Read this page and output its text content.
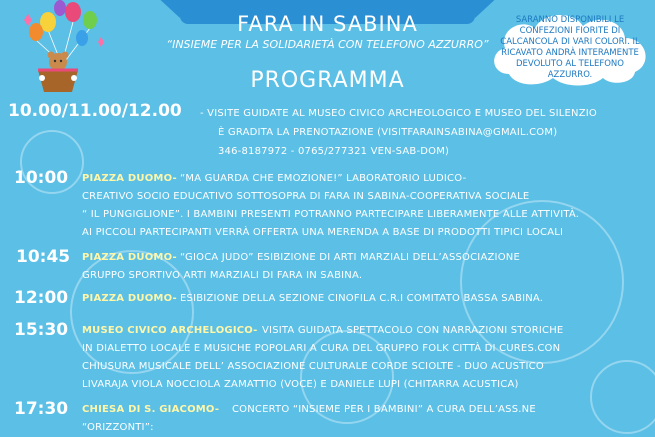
FARA IN SABINA
“INSIEME PER LA SOLIDARIETÀ CON TELEFONO AZZURRO”
PROGRAMMA
SARANNO DISPONIBILI LE CONFEZIONI FIORITE DI CALCANCOLA DI VARI COLORI. IL RICAVATO ANDRÀ INTERAMENTE DEVOLUTO AL TELEFONO AZZURRO.
10.00/11.00/12.00 - VISITE GUIDATE AL MUSEO CIVICO ARCHEOLOGICO E MUSEO DEL SILENZIO
È GRADITA LA PRENOTAZIONE (VISITFARAINSABINA@GMAIL.COM)
346-8187972 - 0765/277321 VEN-SAB-DOM)
10:00 PIAZZA DUOMO- “MA GUARDA CHE EMOZIONE!” LABORATORIO LUDICO-
CREATIVO SOCIO EDUCATIVO SOTTOSOPRA DI FARA IN SABINA-COOPERATIVA SOCIALE
“ IL PUNGIGLIONE”. I BAMBINI PRESENTI POTRANNO PARTECIPARE LIBERAMENTE ALLE ATTIVITÀ.
AI PICCOLI PARTECIPANTI VERRÀ OFFERTA UNA MERENDA A BASE DI PRODOTTI TIPICI LOCALI
10:45 PIAZZA DUOMO- “GIOCA JUDO” ESIBIZIONE DI ARTI MARZIALI DELL’ASSOCIAZIONE
GRUPPO SPORTIVO ARTI MARZIALI DI FARA IN SABINA.
12:00 PIAZZA DUOMO- ESIBIZIONE DELLA SEZIONE CINOFILA C.R.I COMITATO BASSA SABINA.
15:30 MUSEO CIVICO ARCHELOGICO- VISITA GUIDATA SPETTACOLO CON NARRAZIONI STORICHE
IN DIALETTO LOCALE E MUSICHE POPOLARI A CURA DEL GRUPPO FOLK CITTÀ DI CURES.CON
CHIUSURA MUSICALE DELL’ ASSOCIAZIONE CULTURALE CORDE SCIOLTE - DUO ACUSTICO
LIVARAJA VIOLA NOCCIOLA ZAMATTIO (VOCE) E DANIELE LUPI (CHITARRA ACUSTICA)
17:30 CHIESA DI S. GIACOMO- CONCERTO “INSIEME PER I BAMBINI” A CURA DELL’ASS.NE
“ORIZZONTI”:
